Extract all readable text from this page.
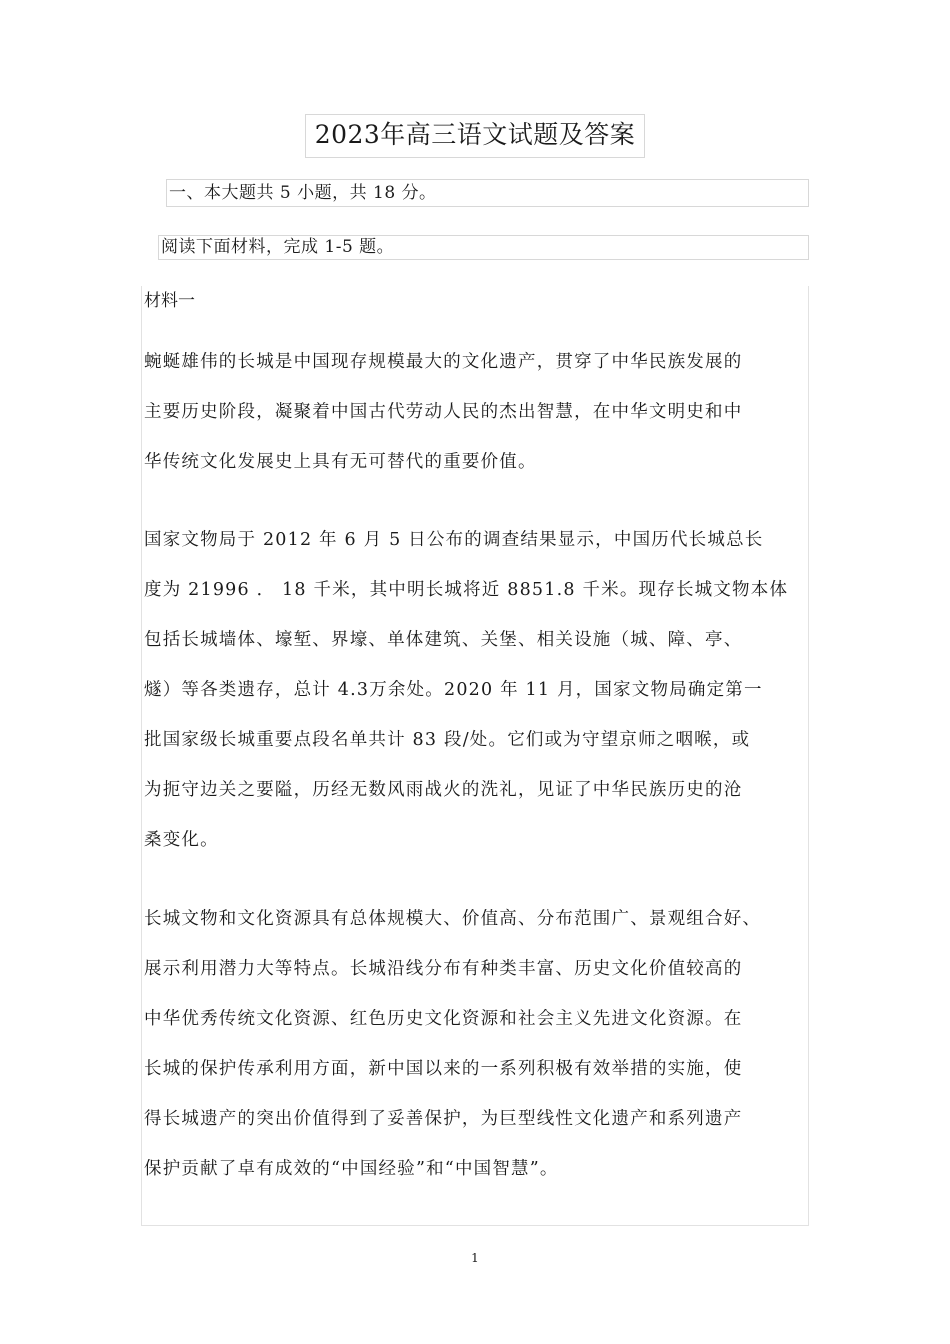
2023年高三语文试题及答案
一、本大题共 5 小题，共 18 分。
阅读下面材料，完成 1-5 题。
材料一

蜿蜒雄伟的长城是中国现存规模最大的文化遗产，贯穿了中华民族发展的
主要历史阶段，凝聚着中国古代劳动人民的杰出智慧，在中华文明史和中
华传统文化发展史上具有无可替代的重要价值。

国家文物局于 2012 年 6 月 5 日公布的调查结果显示，中国历代长城总长
度为 21996 ． 18 千米，其中明长城将近 8851.8 千米。现存长城文物本体
包括长城墙体、壕堑、界壕、单体建筑、关堡、相关设施（城、障、亭、
燧）等各类遗存，总计 4.3万余处。2020 年 11 月，国家文物局确定第一
批国家级长城重要点段名单共计 83 段/处。它们或为守望京师之咽喉，或
为扼守边关之要隘，历经无数风雨战火的洗礼，见证了中华民族历史的沧
桑变化。

长城文物和文化资源具有总体规模大、价值高、分布范围广、景观组合好、
展示利用潜力大等特点。长城沿线分布有种类丰富、历史文化价值较高的
中华优秀传统文化资源、红色历史文化资源和社会主义先进文化资源。在
长城的保护传承利用方面，新中国以来的一系列积极有效举措的实施，使
得长城遗产的突出价值得到了妥善保护，为巨型线性文化遗产和系列遗产
保护贡献了卓有成效的“中国经验”和“中国智慧”。

1
